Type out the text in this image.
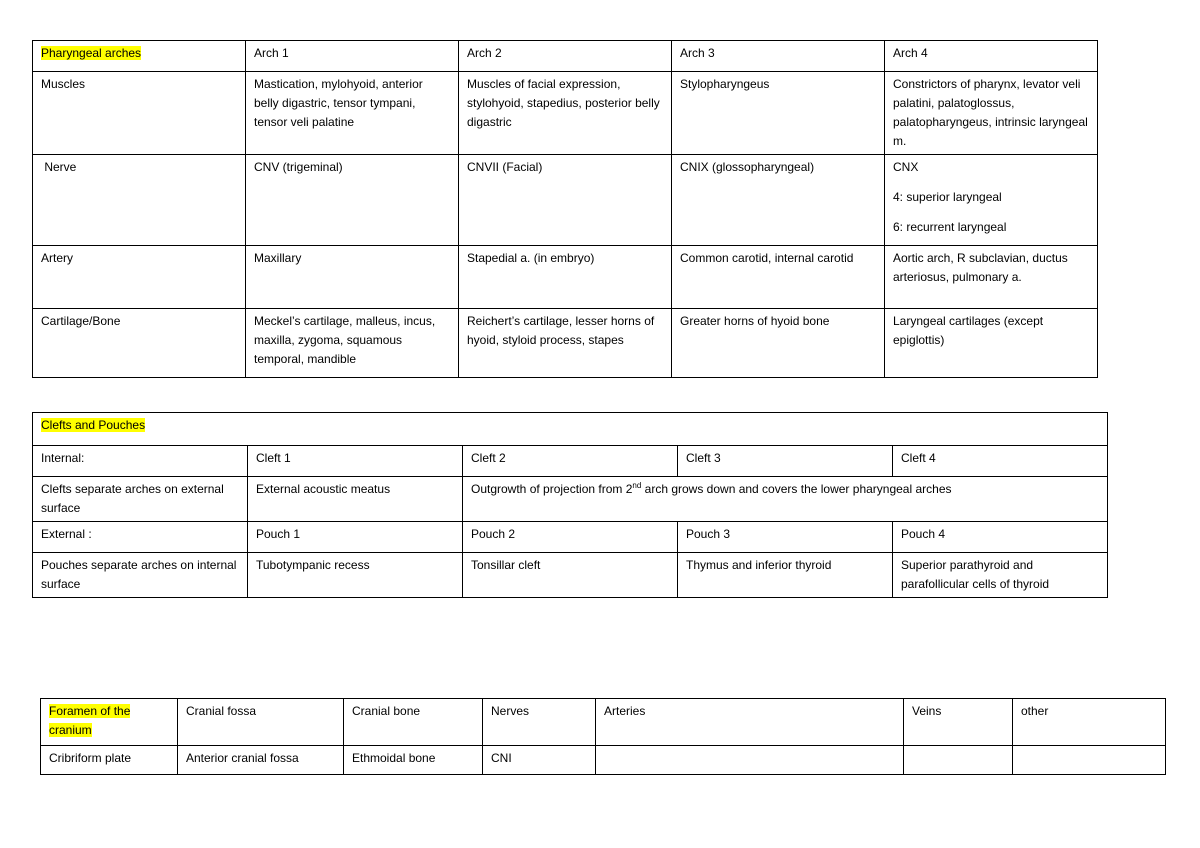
Pharyngeal arches	Arch 1	Arch 2	Arch 3	Arch 4
Muscles	Mastication, mylohyoid, anterior belly digastric, tensor tympani, tensor veli palatine	Muscles of facial expression, stylohyoid, stapedius, posterior belly digastric	Stylopharyngeus	Constrictors of pharynx, levator veli palatini, palatoglossus, palatopharyngeus, intrinsic laryngeal m.
Nerve	CNV (trigeminal)	CNVII (Facial)	CNIX (glossopharyngeal)	CNX
4: superior laryngeal
6: recurrent laryngeal

Artery	Maxillary	Stapedial a. (in embryo)	Common carotid, internal carotid	Aortic arch, R subclavian, ductus arteriosus, pulmonary a.
Cartilage/Bone	Meckel’s cartilage, malleus, incus, maxilla, zygoma, squamous temporal, mandible	Reichert’s cartilage, lesser horns of hyoid, styloid process, stapes	Greater horns of hyoid bone	Laryngeal cartilages (except epiglottis)
Clefts and Pouches				
Internal:	Cleft 1	Cleft 2	Cleft 3	Cleft 4
Clefts separate arches on external surface	External acoustic meatus	Outgrowth of projection from 2nd arch grows down and covers the lower pharyngeal arches		
External :	Pouch 1	Pouch 2	Pouch 3	Pouch 4
Pouches separate arches on internal surface	Tubotympanic recess	Tonsillar cleft	Thymus and inferior thyroid	Superior parathyroid and parafollicular cells of thyroid
Foramen of the cranium	Cranial fossa	Cranial bone	Nerves	Arteries	Veins	other
Cribriform plate	Anterior cranial fossa	Ethmoidal bone	CNI			
